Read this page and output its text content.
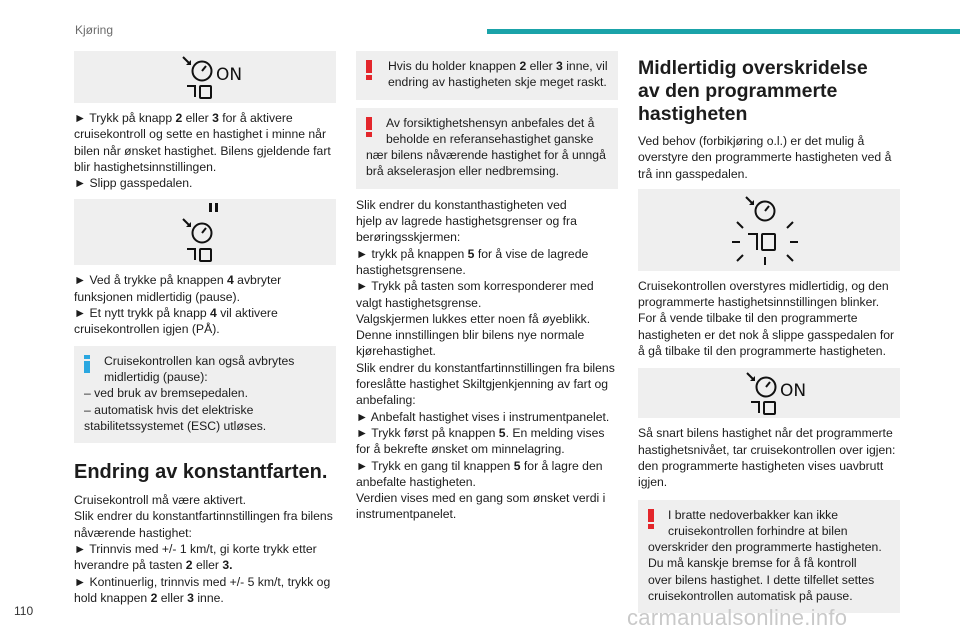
Kjøring
ON
► Trykk på knapp 2 eller 3 for å aktivere
cruisekontroll og sette en hastighet i minne når
bilen når ønsket hastighet. Bilens gjeldende fart
blir hastighetsinnstillingen.
► Slipp gasspedalen.
► Ved å trykke på knappen 4 avbryter
funksjonen midlertidig (pause).
► Et nytt trykk på knapp 4 vil aktivere
cruisekontrollen igjen (PÅ).
Cruisekontrollen kan også avbrytes
midlertidig (pause):
– ved bruk av bremsepedalen.
– automatisk hvis det elektriske
stabilitetssystemet (ESC) utløses.
Endring av konstantfarten.
Cruisekontroll må være aktivert.
Slik endrer du konstantfartinnstillingen fra bilens
nåværende hastighet:
► Trinnvis med +/- 1 km/t, gi korte trykk etter
hverandre på tasten 2 eller 3.
► Kontinuerlig, trinnvis med +/- 5 km/t, trykk og
hold knappen 2 eller 3 inne.
Hvis du holder knappen 2 eller 3 inne, vil
endring av hastigheten skje meget raskt.
Av forsiktighetshensyn anbefales det å
beholde en referansehastighet ganske
nær bilens nåværende hastighet for å unngå
brå akselerasjon eller nedbremsing.
Slik endrer du konstanthastigheten ved
hjelp av lagrede hastighetsgrenser og fra
berøringsskjermen:
► trykk på knappen 5 for å vise de lagrede
hastighetsgrensene.
► Trykk på tasten som korresponderer med
valgt hastighetsgrense.
Valgskjermen lukkes etter noen få øyeblikk.
Denne innstillingen blir bilens nye normale
kjørehastighet.
Slik endrer du konstantfartinnstillingen fra bilens
foreslåtte hastighet Skiltgjenkjenning av fart og
anbefaling:
► Anbefalt hastighet vises i instrumentpanelet.
► Trykk først på knappen 5. En melding vises
for å bekrefte ønsket om minnelagring.
► Trykk en gang til knappen 5 for å lagre den
anbefalte hastigheten.
Verdien vises med en gang som ønsket verdi i
instrumentpanelet.
Midlertidig overskridelse
av den programmerte
hastigheten
Ved behov (forbikjøring o.l.) er det mulig å
overstyre den programmerte hastigheten ved å
trå inn gasspedalen.
Cruisekontrollen overstyres midlertidig, og den
programmerte hastighetsinnstillingen blinker.
For å vende tilbake til den programmerte
hastigheten er det nok å slippe gasspedalen for
å gå tilbake til den programmerte hastigheten.
ON
Så snart bilens hastighet når det programmerte
hastighetsnivået, tar cruisekontrollen over igjen:
den programmerte hastigheten vises uavbrutt
igjen.
I bratte nedoverbakker kan ikke
cruisekontrollen forhindre at bilen
overskrider den programmerte hastigheten.
Du må kanskje bremse for å få kontroll
over bilens hastighet. I dette tilfellet settes
cruisekontrollen automatisk på pause.
110	carmanualsonline.info
